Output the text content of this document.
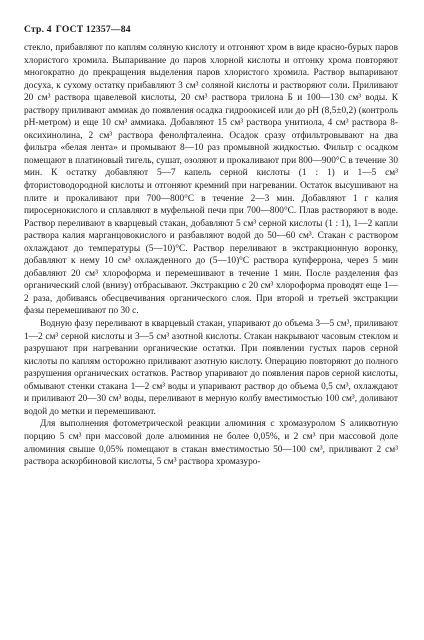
Стр. 4 ГОСТ 12357—84

стекло, прибавляют по каплям соляную кислоту и отгоняют хром в виде красно-бурых паров хлористого хромила. Выпаривание до паров хлорной кислоты и отгонку хрома повторяют многократно до прекращения выделения паров хлористого хромила. Раствор выпаривают досуха, к сухому остатку прибавляют 3 см³ соляной кислоты и растворяют соли. Приливают 20 см³ раствора щавелевой кислоты, 20 см³ раствора трилона Б и 100—130 см³ воды. К раствору приливают аммиак до появления осадка гидроокисей или до pH (8,5±0,2) (контроль pH-метром) и еще 10 см³ аммиака. Добавляют 15 см³ раствора унитиола, 4 см³ раствора 8-оксихинолина, 2 см³ раствора фенолфталеина. Осадок сразу отфильтровывают на два фильтра «белая лента» и промывают 8—10 раз промывной жидкостью. Фильтр с осадком помещают в платиновый тигель, сушат, озоляют и прокаливают при 800—900°С в течение 30 мин. К остатку добавляют 5—7 капель серной кислоты (1 : 1) и 1—5 см³ фтористоводородной кислоты и отгоняют кремний при нагревании. Остаток высушивают на плите и прокаливают при 700—800°С в течение 2—3 мин. Добавляют 1 г калия пиросернокислого и сплавляют в муфельной печи при 700—800°С. Плав растворяют в воде. Раствор переливают в кварцевый стакан, добавляют 5 см³ серной кислоты (1 : 1), 1—2 капли раствора калия марганцовокислого и разбавляют водой до 50—60 см³. Стакан с раствором охлаждают до температуры (5—10)°С. Раствор переливают в экстракционную воронку, добавляют к нему 10 см³ охлажденного до (5—10)°С раствора купферрона, через 5 мин добавляют 20 см³ хлороформа и перемешивают в течение 1 мин. После разделения фаз органический слой (внизу) отбрасывают. Экстракцию с 20 см³ хлороформа проводят еще 1—2 раза, добиваясь обесцвечивания органического слоя. При второй и третьей экстракции фазы перемешивают по 30 с.

Водную фазу переливают в кварцевый стакан, упаривают до объема 3—5 см³, приливают 1—2 см³ серной кислоты и 3—5 см³ азотной кислоты. Стакан накрывают часовым стеклом и разрушают при нагревании органические остатки. При появлении густых паров серной кислоты по каплям осторожно приливают азотную кислоту. Операцию повторяют до полного разрушения органических остатков. Раствор упаривают до появления паров серной кислоты, обмывают стенки стакана 1—2 см³ воды и упаривают раствор до объема 0,5 см³, охлаждают и приливают 20—30 см³ воды, переливают в мерную колбу вместимостью 100 см³, доливают водой до метки и перемешивают.

Для выполнения фотометрической реакции алюминия с хромазуролом S аликвотную порцию 5 см³ при массовой доле алюминия не более 0,05%, и 2 см³ при массовой доле алюминия свыше 0,05% помещают в стакан вместимостью 50—100 см³, приливают 2 см³ раствора аскорбиновой кислоты, 5 см³ раствора хромазуро-
